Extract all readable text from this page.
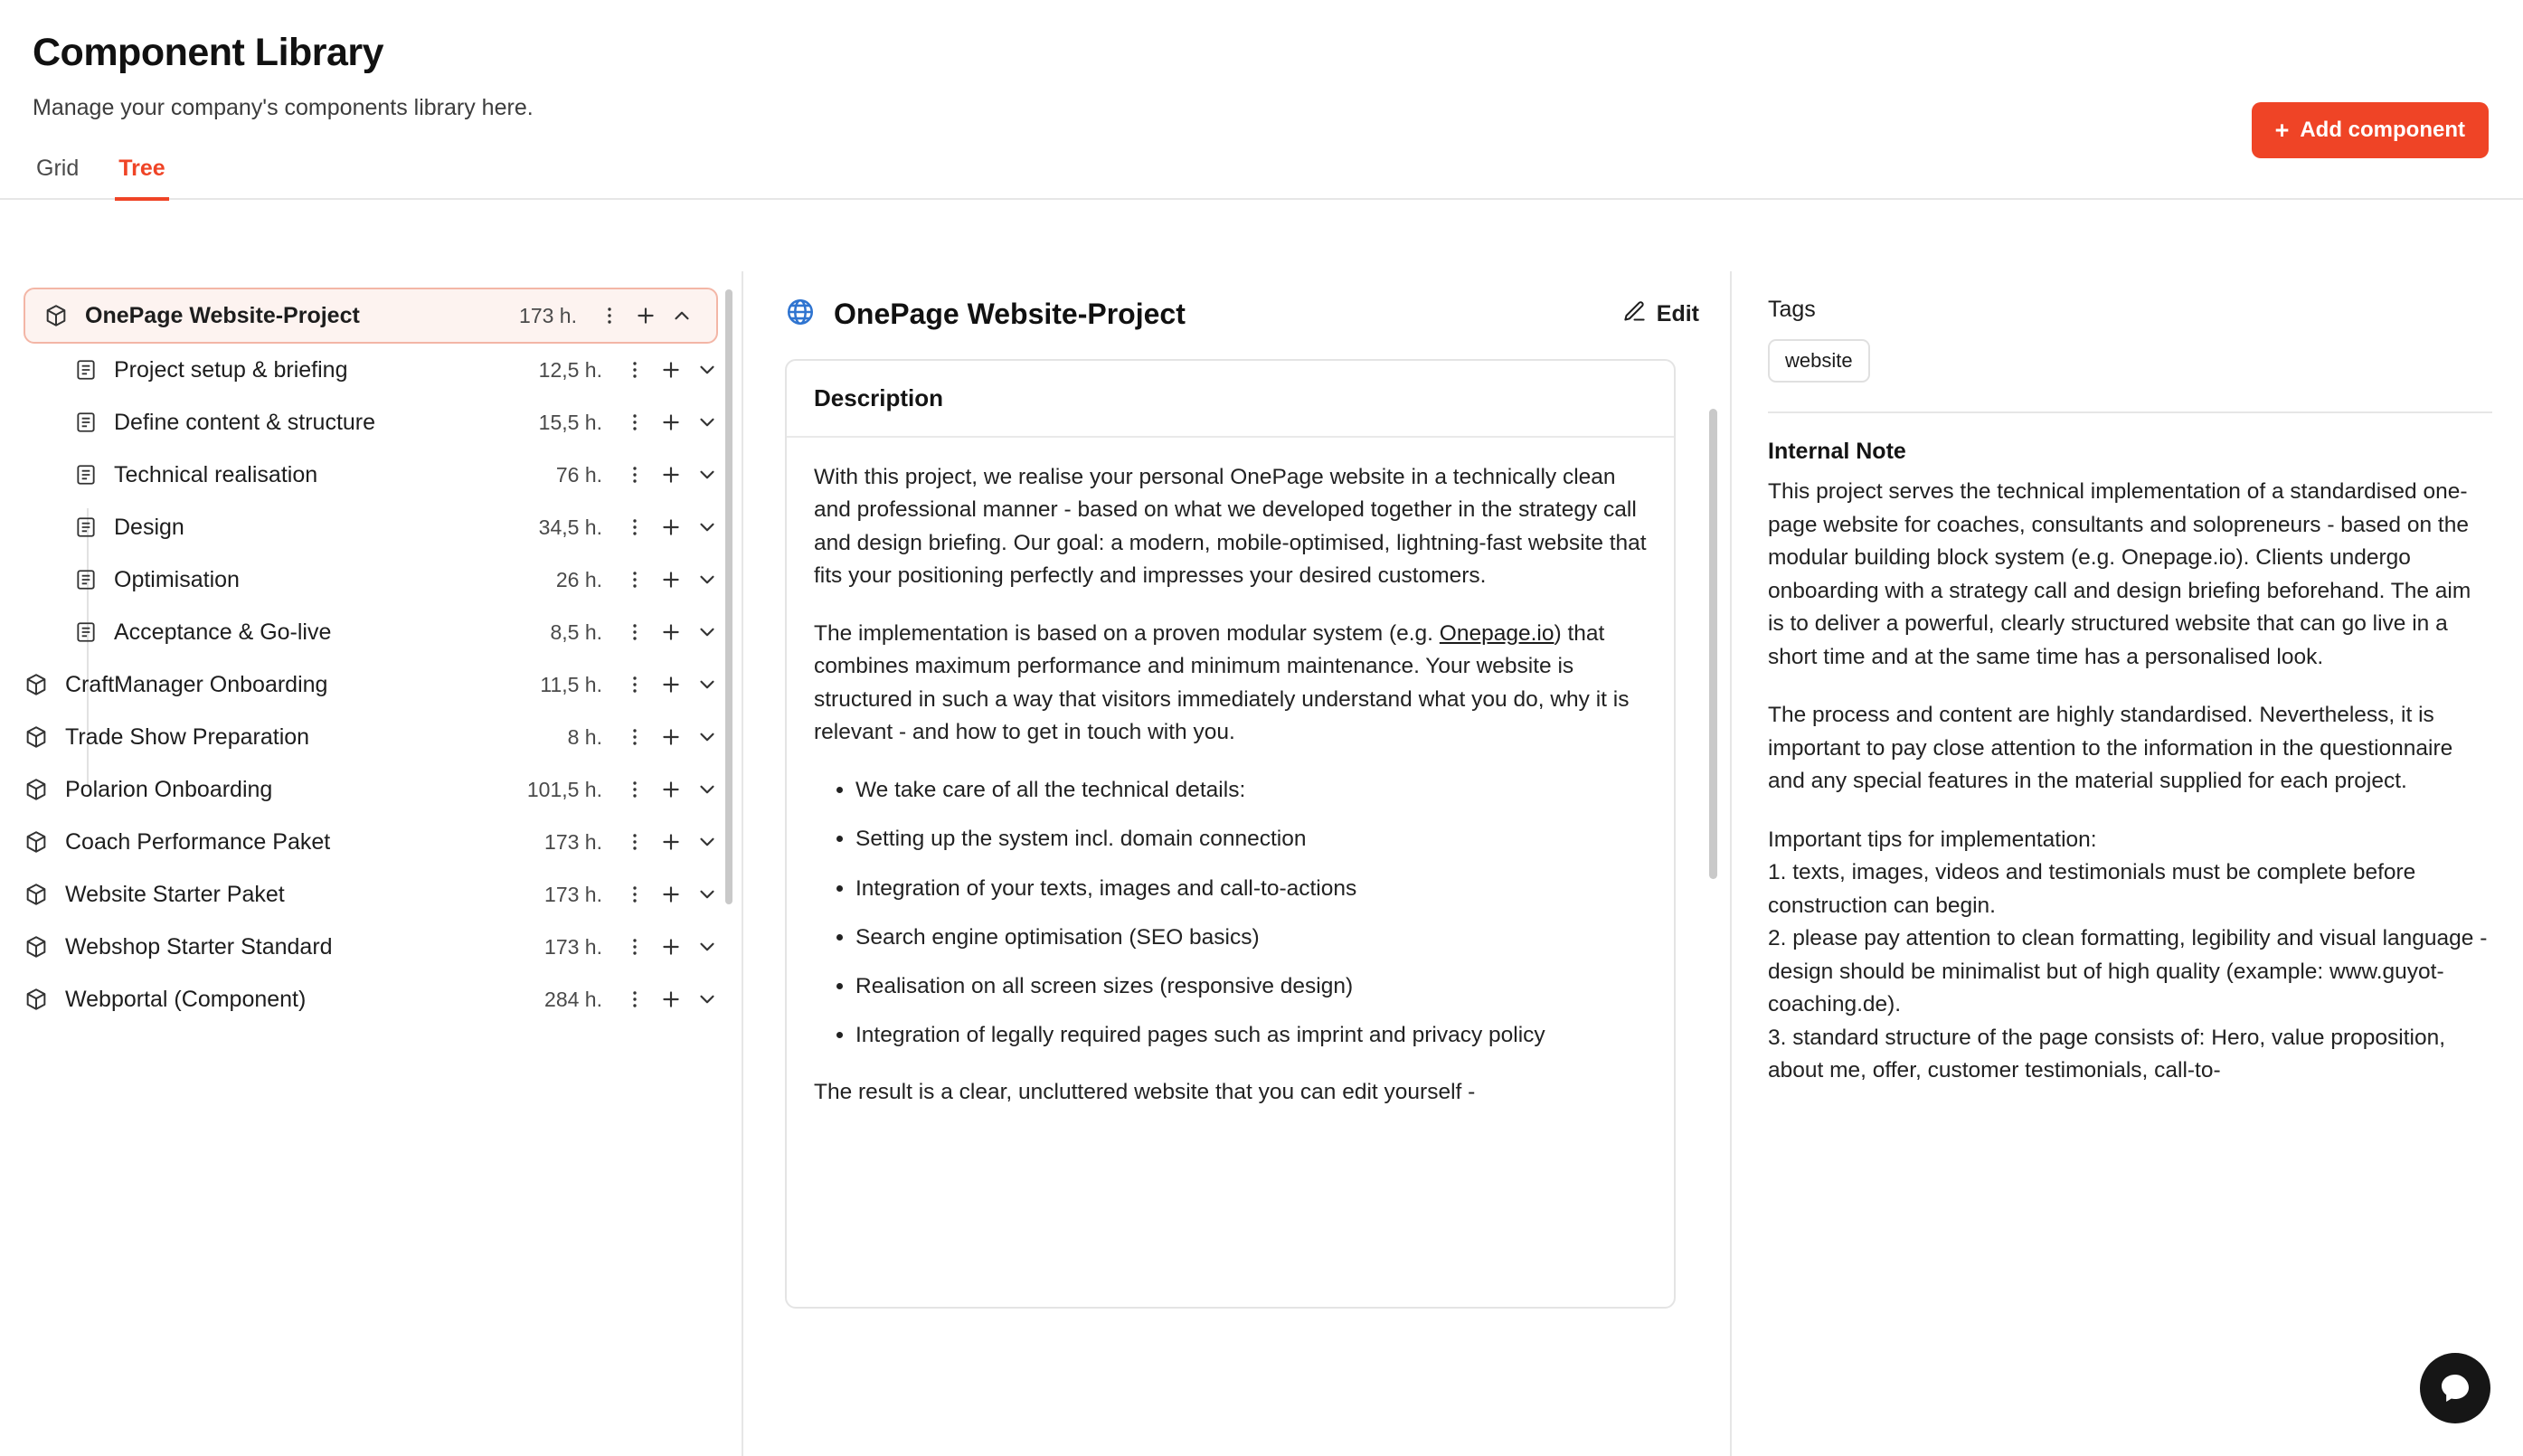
Component Library

Manage your company's components library here.

+ Add component
Grid Tree
OnePage Website-Project	173 h.
Project setup & briefing	12,5 h.
Define content & structure	15,5 h.
Technical realisation	76 h.
Design	34,5 h.
Optimisation	26 h.
Acceptance & Go-live	8,5 h.
CraftManager Onboarding	11,5 h.
Trade Show Preparation	8 h.
Polarion Onboarding	101,5 h.
Coach Performance Paket	173 h.
Website Starter Paket	173 h.
Webshop Starter Standard	173 h.
Webportal (Component)	284 h.
OnePage Website-Project	Edit
Description

With this project, we realise your personal OnePage website in a technically clean and professional manner - based on what we developed together in the strategy call and design briefing. Our goal: a modern, mobile-optimised, lightning-fast website that fits your positioning perfectly and impresses your desired customers.

The implementation is based on a proven modular system (e.g. Onepage.io) that combines maximum performance and minimum maintenance. Your website is structured in such a way that visitors immediately understand what you do, why it is relevant - and how to get in touch with you.

• We take care of all the technical details:
• Setting up the system incl. domain connection
• Integration of your texts, images and call-to-actions
• Search engine optimisation (SEO basics)
• Realisation on all screen sizes (responsive design)
• Integration of legally required pages such as imprint and privacy policy

The result is a clear, uncluttered website that you can edit yourself -

Tags

website

Internal Note

This project serves the technical implementation of a standardised one-page website for coaches, consultants and solopreneurs - based on the modular building block system (e.g. Onepage.io). Clients undergo onboarding with a strategy call and design briefing beforehand. The aim is to deliver a powerful, clearly structured website that can go live in a short time and at the same time has a personalised look.

The process and content are highly standardised. Nevertheless, it is important to pay close attention to the information in the questionnaire and any special features in the material supplied for each project.

Important tips for implementation:

1. texts, images, videos and testimonials must be complete before construction can begin.

2. please pay attention to clean formatting, legibility and visual language - design should be minimalist but of high quality (example: www.guyot-coaching.de).

3. standard structure of the page consists of: Hero, value proposition, about me, offer, customer testimonials, call-to-
